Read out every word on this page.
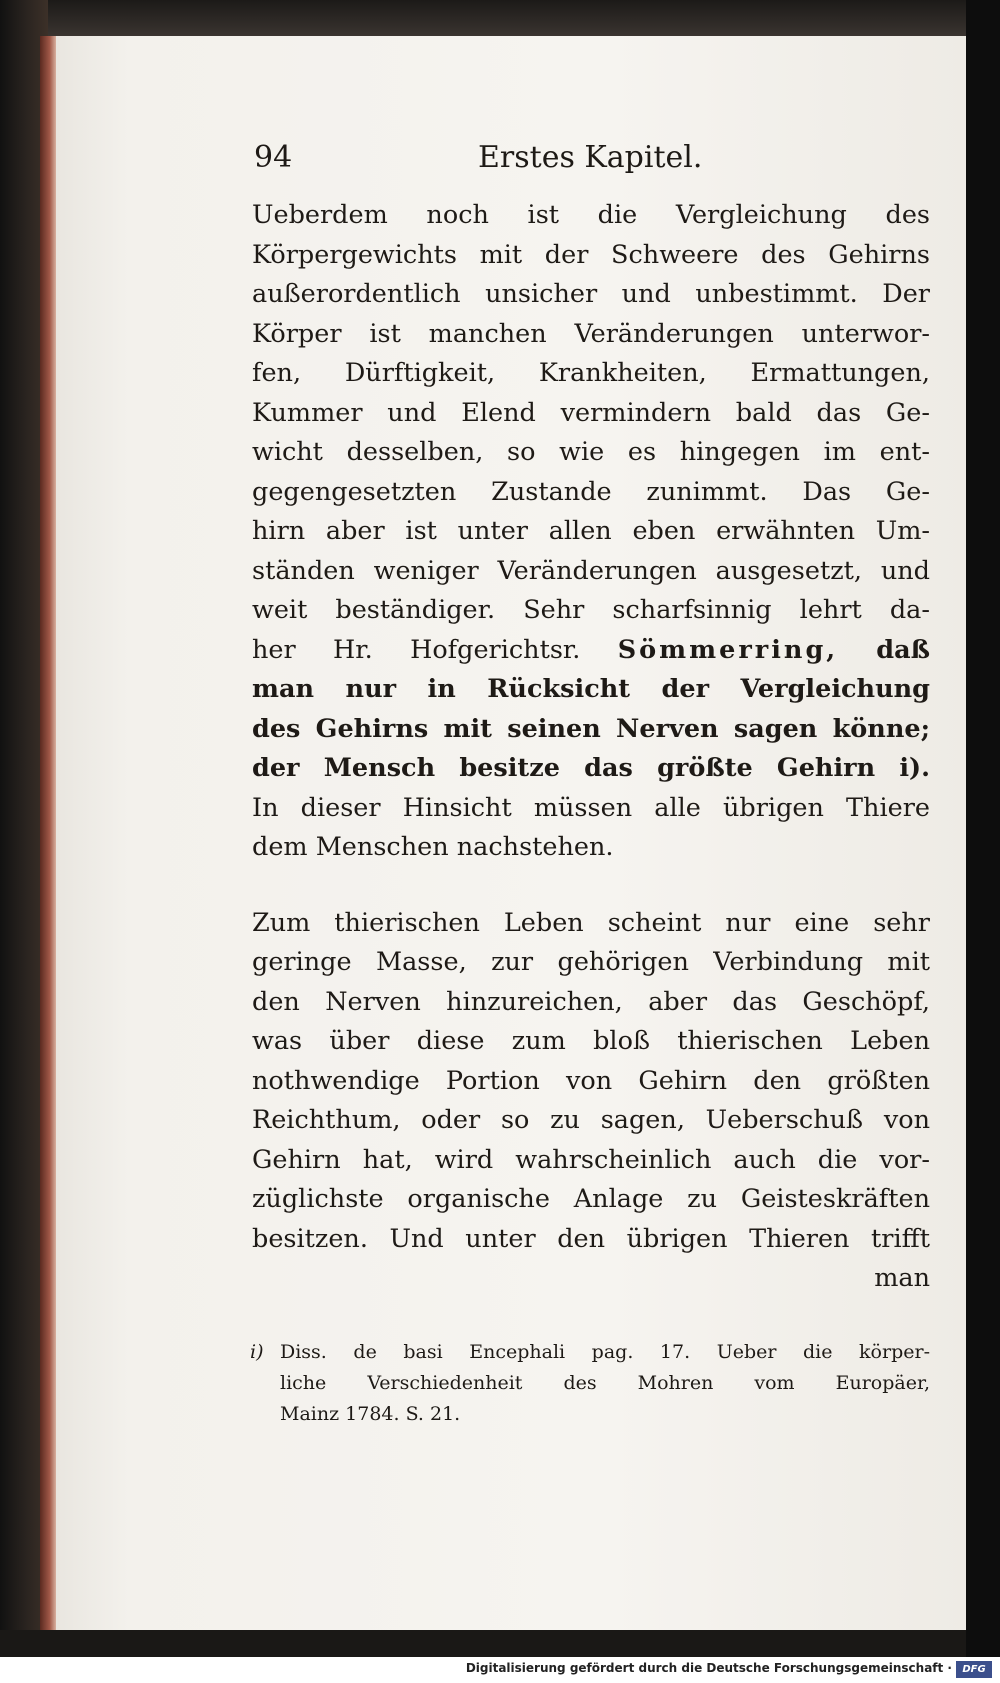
94	Erstes Kapitel.
Ueberdem noch ist die Vergleichung des
Körpergewichts mit der Schweere des Gehirns
außerordentlich unsicher und unbestimmt. Der
Körper ist manchen Veränderungen unterwor-
fen, Dürftigkeit, Krankheiten, Ermattungen,
Kummer und Elend vermindern bald das Ge-
wicht desselben, so wie es hingegen im ent-
gegengesetzten Zustande zunimmt. Das Ge-
hirn aber ist unter allen eben erwähnten Um-
ständen weniger Veränderungen ausgesetzt, und
weit beständiger. Sehr scharfsinnig lehrt da-
her Hr. Hofgerichtsr. Sömmerring, daß
man nur in Rücksicht der Vergleichung
des Gehirns mit seinen Nerven sagen könne;
der Mensch besitze das größte Gehirn i).
In dieser Hinsicht müssen alle übrigen Thiere
dem Menschen nachstehen.
Zum thierischen Leben scheint nur eine sehr
geringe Masse, zur gehörigen Verbindung mit
den Nerven hinzureichen, aber das Geschöpf,
was über diese zum bloß thierischen Leben
nothwendige Portion von Gehirn den größten
Reichthum, oder so zu sagen, Ueberschuß von
Gehirn hat, wird wahrscheinlich auch die vor-
züglichste organische Anlage zu Geisteskräften
besitzen. Und unter den übrigen Thieren trifft
man
i) Diss. de basi Encephali pag. 17. Ueber die körper-
liche Verschiedenheit des Mohren vom Europäer,
Mainz 1784. S. 21.
Digitalisierung gefördert durch die Deutsche Forschungsgemeinschaft ·	DFG
